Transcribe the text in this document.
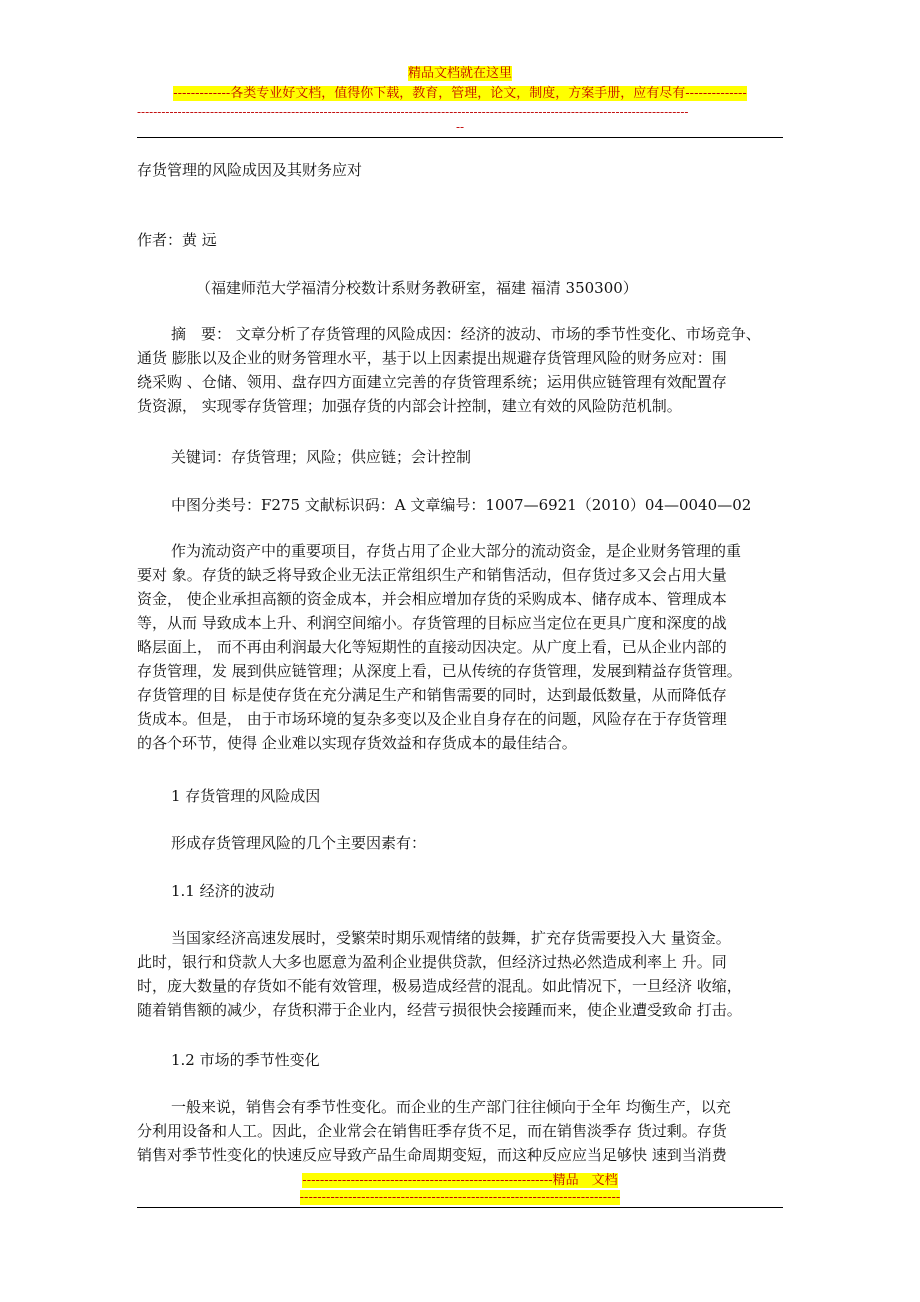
精品文档就在这里
-------------各类专业好文档，值得你下载，教育，管理，论文，制度，方案手册，应有尽有--------------
----------------------------------------------------------------------------------------------------------------------------------------
--

存货管理的风险成因及其财务应对

作者：黄 远

（福建师范大学福清分校数计系财务教研室，福建 福清 350300）

摘　要： 文章分析了存货管理的风险成因：经济的波动、市场的季节性变化、市场竞争、
通货 膨胀以及企业的财务管理水平，基于以上因素提出规避存货管理风险的财务应对：围
绕采购 、仓储、领用、盘存四方面建立完善的存货管理系统；运用供应链管理有效配置存
货资源， 实现零存货管理；加强存货的内部会计控制，建立有效的风险防范机制。

关键词：存货管理；风险；供应链；会计控制

中图分类号：F275 文献标识码：A 文章编号：1007—6921（2010）04—0040—02

作为流动资产中的重要项目，存货占用了企业大部分的流动资金，是企业财务管理的重
要对 象。存货的缺乏将导致企业无法正常组织生产和销售活动，但存货过多又会占用大量
资金， 使企业承担高额的资金成本，并会相应增加存货的采购成本、储存成本、管理成本
等，从而 导致成本上升、利润空间缩小。存货管理的目标应当定位在更具广度和深度的战
略层面上， 而不再由利润最大化等短期性的直接动因决定。从广度上看，已从企业内部的
存货管理，发 展到供应链管理；从深度上看，已从传统的存货管理，发展到精益存货管理。
存货管理的目 标是使存货在充分满足生产和销售需要的同时，达到最低数量，从而降低存
货成本。但是， 由于市场环境的复杂多变以及企业自身存在的问题，风险存在于存货管理
的各个环节，使得 企业难以实现存货效益和存货成本的最佳结合。

1 存货管理的风险成因

形成存货管理风险的几个主要因素有：

1.1 经济的波动

当国家经济高速发展时，受繁荣时期乐观情绪的鼓舞，扩充存货需要投入大 量资金。
此时，银行和贷款人大多也愿意为盈利企业提供贷款，但经济过热必然造成利率上 升。同
时，庞大数量的存货如不能有效管理，极易造成经营的混乱。如此情况下，一旦经济 收缩，
随着销售额的减少，存货积滞于企业内，经营亏损很快会接踵而来，使企业遭受致命 打击。

1.2 市场的季节性变化

一般来说，销售会有季节性变化。而企业的生产部门往往倾向于全年 均衡生产，以充
分利用设备和人工。因此，企业常会在销售旺季存货不足，而在销售淡季存 货过剩。存货
销售对季节性变化的快速反应导致产品生命周期变短，而这种反应应当足够快 速到当消费
---------------------------------------------------------精品　文档
-------------------------------------------------------------------------
